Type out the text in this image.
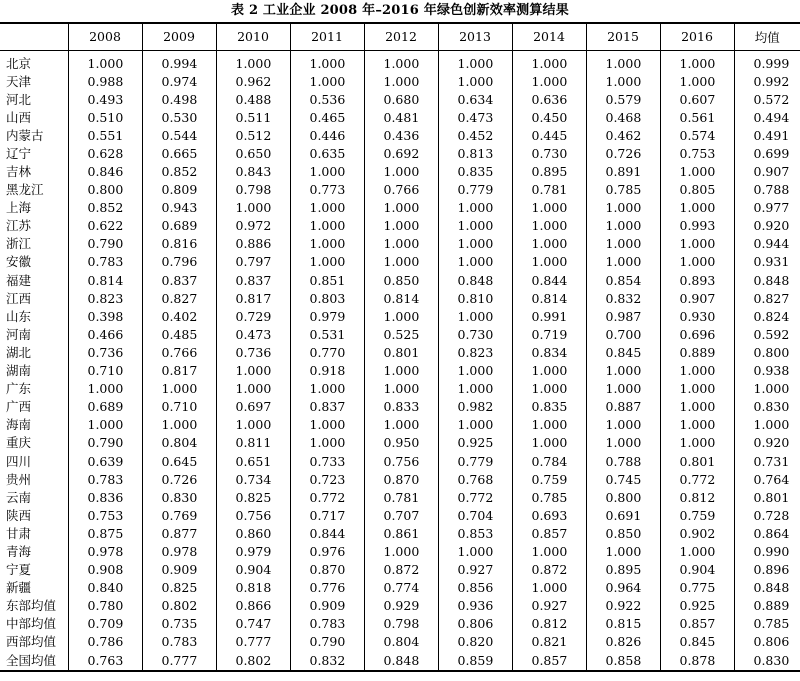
表 2 工业企业 2008 年–2016 年绿色创新效率测算结果
	2008	2009	2010	2011	2012	2013	2014	2015	2016	均值
北京	1.000	0.994	1.000	1.000	1.000	1.000	1.000	1.000	1.000	0.999
天津	0.988	0.974	0.962	1.000	1.000	1.000	1.000	1.000	1.000	0.992
河北	0.493	0.498	0.488	0.536	0.680	0.634	0.636	0.579	0.607	0.572
山西	0.510	0.530	0.511	0.465	0.481	0.473	0.450	0.468	0.561	0.494
内蒙古	0.551	0.544	0.512	0.446	0.436	0.452	0.445	0.462	0.574	0.491
辽宁	0.628	0.665	0.650	0.635	0.692	0.813	0.730	0.726	0.753	0.699
吉林	0.846	0.852	0.843	1.000	1.000	0.835	0.895	0.891	1.000	0.907
黑龙江	0.800	0.809	0.798	0.773	0.766	0.779	0.781	0.785	0.805	0.788
上海	0.852	0.943	1.000	1.000	1.000	1.000	1.000	1.000	1.000	0.977
江苏	0.622	0.689	0.972	1.000	1.000	1.000	1.000	1.000	0.993	0.920
浙江	0.790	0.816	0.886	1.000	1.000	1.000	1.000	1.000	1.000	0.944
安徽	0.783	0.796	0.797	1.000	1.000	1.000	1.000	1.000	1.000	0.931
福建	0.814	0.837	0.837	0.851	0.850	0.848	0.844	0.854	0.893	0.848
江西	0.823	0.827	0.817	0.803	0.814	0.810	0.814	0.832	0.907	0.827
山东	0.398	0.402	0.729	0.979	1.000	1.000	0.991	0.987	0.930	0.824
河南	0.466	0.485	0.473	0.531	0.525	0.730	0.719	0.700	0.696	0.592
湖北	0.736	0.766	0.736	0.770	0.801	0.823	0.834	0.845	0.889	0.800
湖南	0.710	0.817	1.000	0.918	1.000	1.000	1.000	1.000	1.000	0.938
广东	1.000	1.000	1.000	1.000	1.000	1.000	1.000	1.000	1.000	1.000
广西	0.689	0.710	0.697	0.837	0.833	0.982	0.835	0.887	1.000	0.830
海南	1.000	1.000	1.000	1.000	1.000	1.000	1.000	1.000	1.000	1.000
重庆	0.790	0.804	0.811	1.000	0.950	0.925	1.000	1.000	1.000	0.920
四川	0.639	0.645	0.651	0.733	0.756	0.779	0.784	0.788	0.801	0.731
贵州	0.783	0.726	0.734	0.723	0.870	0.768	0.759	0.745	0.772	0.764
云南	0.836	0.830	0.825	0.772	0.781	0.772	0.785	0.800	0.812	0.801
陕西	0.753	0.769	0.756	0.717	0.707	0.704	0.693	0.691	0.759	0.728
甘肃	0.875	0.877	0.860	0.844	0.861	0.853	0.857	0.850	0.902	0.864
青海	0.978	0.978	0.979	0.976	1.000	1.000	1.000	1.000	1.000	0.990
宁夏	0.908	0.909	0.904	0.870	0.872	0.927	0.872	0.895	0.904	0.896
新疆	0.840	0.825	0.818	0.776	0.774	0.856	1.000	0.964	0.775	0.848
东部均值	0.780	0.802	0.866	0.909	0.929	0.936	0.927	0.922	0.925	0.889
中部均值	0.709	0.735	0.747	0.783	0.798	0.806	0.812	0.815	0.857	0.785
西部均值	0.786	0.783	0.777	0.790	0.804	0.820	0.821	0.826	0.845	0.806
全国均值	0.763	0.777	0.802	0.832	0.848	0.859	0.857	0.858	0.878	0.830
